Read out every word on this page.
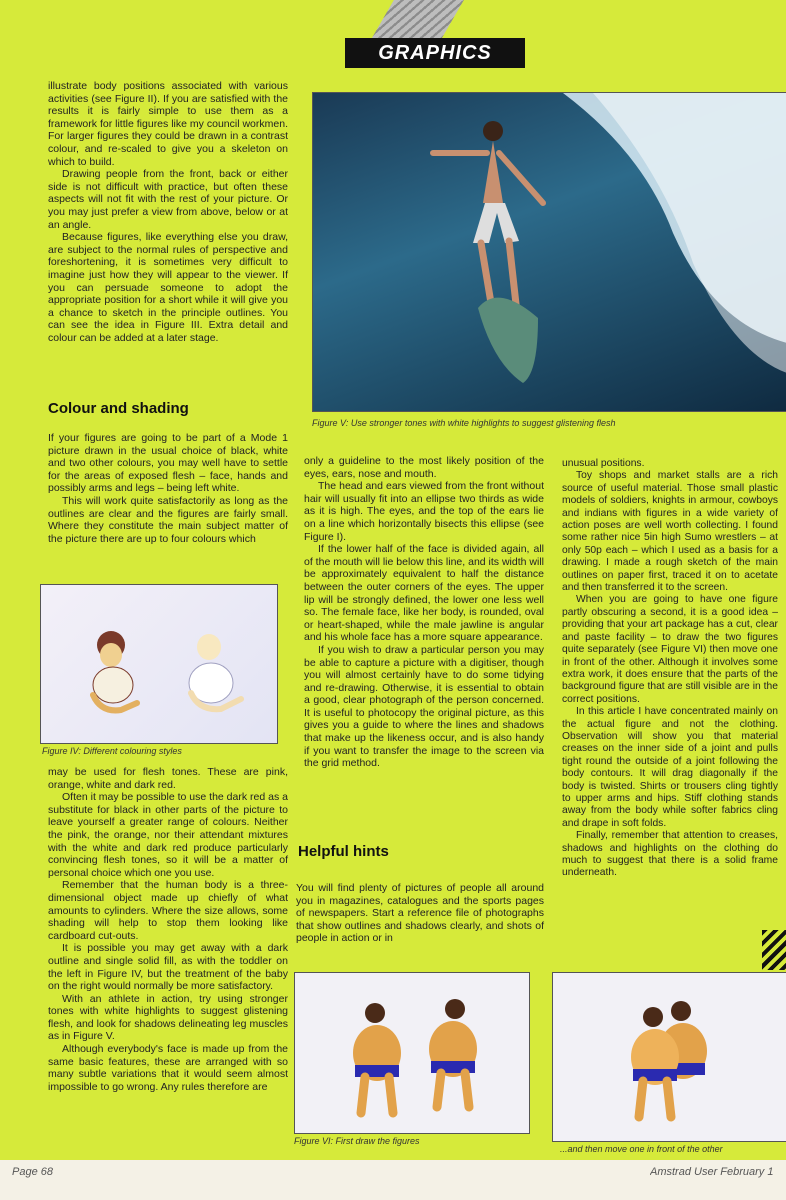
GRAPHICS

illustrate body positions associated with various activities (see Figure II). If you are satisfied with the results it is fairly simple to use them as a framework for little figures like my council workmen. For larger figures they could be drawn in a contrast colour, and re-scaled to give you a skeleton on which to build.

Drawing people from the front, back or either side is not difficult with practice, but often these aspects will not fit with the rest of your picture. Or you may just prefer a view from above, below or at an angle.

Because figures, like everything else you draw, are subject to the normal rules of perspective and foreshortening, it is sometimes very difficult to imagine just how they will appear to the viewer. If you can persuade someone to adopt the appropriate position for a short while it will give you a chance to sketch in the principle outlines. You can see the idea in Figure III. Extra detail and colour can be added at a later stage.

Colour and shading

If your figures are going to be part of a Mode 1 picture drawn in the usual choice of black, white and two other colours, you may well have to settle for the areas of exposed flesh – face, hands and possibly arms and legs – being left white.

This will work quite satisfactorily as long as the outlines are clear and the figures are fairly small. Where they constitute the main subject matter of the picture there are up to four colours which

Figure IV: Different colouring styles

may be used for flesh tones. These are pink, orange, white and dark red.

Often it may be possible to use the dark red as a substitute for black in other parts of the picture to leave yourself a greater range of colours. Neither the pink, the orange, nor their attendant mixtures with the white and dark red produce particularly convincing flesh tones, so it will be a matter of personal choice which one you use.

Remember that the human body is a three-dimensional object made up chiefly of what amounts to cylinders. Where the size allows, some shading will help to stop them looking like cardboard cut-outs.

It is possible you may get away with a dark outline and single solid fill, as with the toddler on the left in Figure IV, but the treatment of the baby on the right would normally be more satisfactory.

With an athlete in action, try using stronger tones with white highlights to suggest glistening flesh, and look for shadows delineating leg muscles as in Figure V.

Although everybody's face is made up from the same basic features, these are arranged with so many subtle variations that it would seem almost impossible to go wrong. Any rules therefore are

Figure V: Use stronger tones with white highlights to suggest glistening flesh

only a guideline to the most likely position of the eyes, ears, nose and mouth.

The head and ears viewed from the front without hair will usually fit into an ellipse two thirds as wide as it is high. The eyes, and the top of the ears lie on a line which horizontally bisects this ellipse (see Figure I).

If the lower half of the face is divided again, all of the mouth will lie below this line, and its width will be approximately equivalent to half the distance between the outer corners of the eyes. The upper lip will be strongly defined, the lower one less well so. The female face, like her body, is rounded, oval or heart-shaped, while the male jawline is angular and his whole face has a more square appearance.

If you wish to draw a particular person you may be able to capture a picture with a digitiser, though you will almost certainly have to do some tidying and re-drawing. Otherwise, it is essential to obtain a good, clear photograph of the person concerned. It is useful to photocopy the original picture, as this gives you a guide to where the lines and shadows that make up the likeness occur, and is also handy if you want to transfer the image to the screen via the grid method.

Helpful hints

You will find plenty of pictures of people all around you in magazines, catalogues and the sports pages of newspapers. Start a reference file of photographs that show outlines and shadows clearly, and shots of people in action or in

unusual positions.

Toy shops and market stalls are a rich source of useful material. Those small plastic models of soldiers, knights in armour, cowboys and indians with figures in a wide variety of action poses are well worth collecting. I found some rather nice 5in high Sumo wrestlers – at only 50p each – which I used as a basis for a drawing. I made a rough sketch of the main outlines on paper first, traced it on to acetate and then transferred it to the screen.

When you are going to have one figure partly obscuring a second, it is a good idea – providing that your art package has a cut, clear and paste facility – to draw the two figures quite separately (see Figure VI) then move one in front of the other. Although it involves some extra work, it does ensure that the parts of the background figure that are still visible are in the correct positions.

In this article I have concentrated mainly on the actual figure and not the clothing. Observation will show you that material creases on the inner side of a joint and pulls tight round the outside of a joint following the body contours. It will drag diagonally if the body is twisted. Shirts or trousers cling tightly to upper arms and hips. Stiff clothing stands away from the body while softer fabrics cling and drape in soft folds.

Finally, remember that attention to creases, shadows and highlights on the clothing do much to suggest that there is a solid frame underneath.

Figure VI: First draw the figures
...and then move one in front of the other
Page 68	Amstrad User February 1
